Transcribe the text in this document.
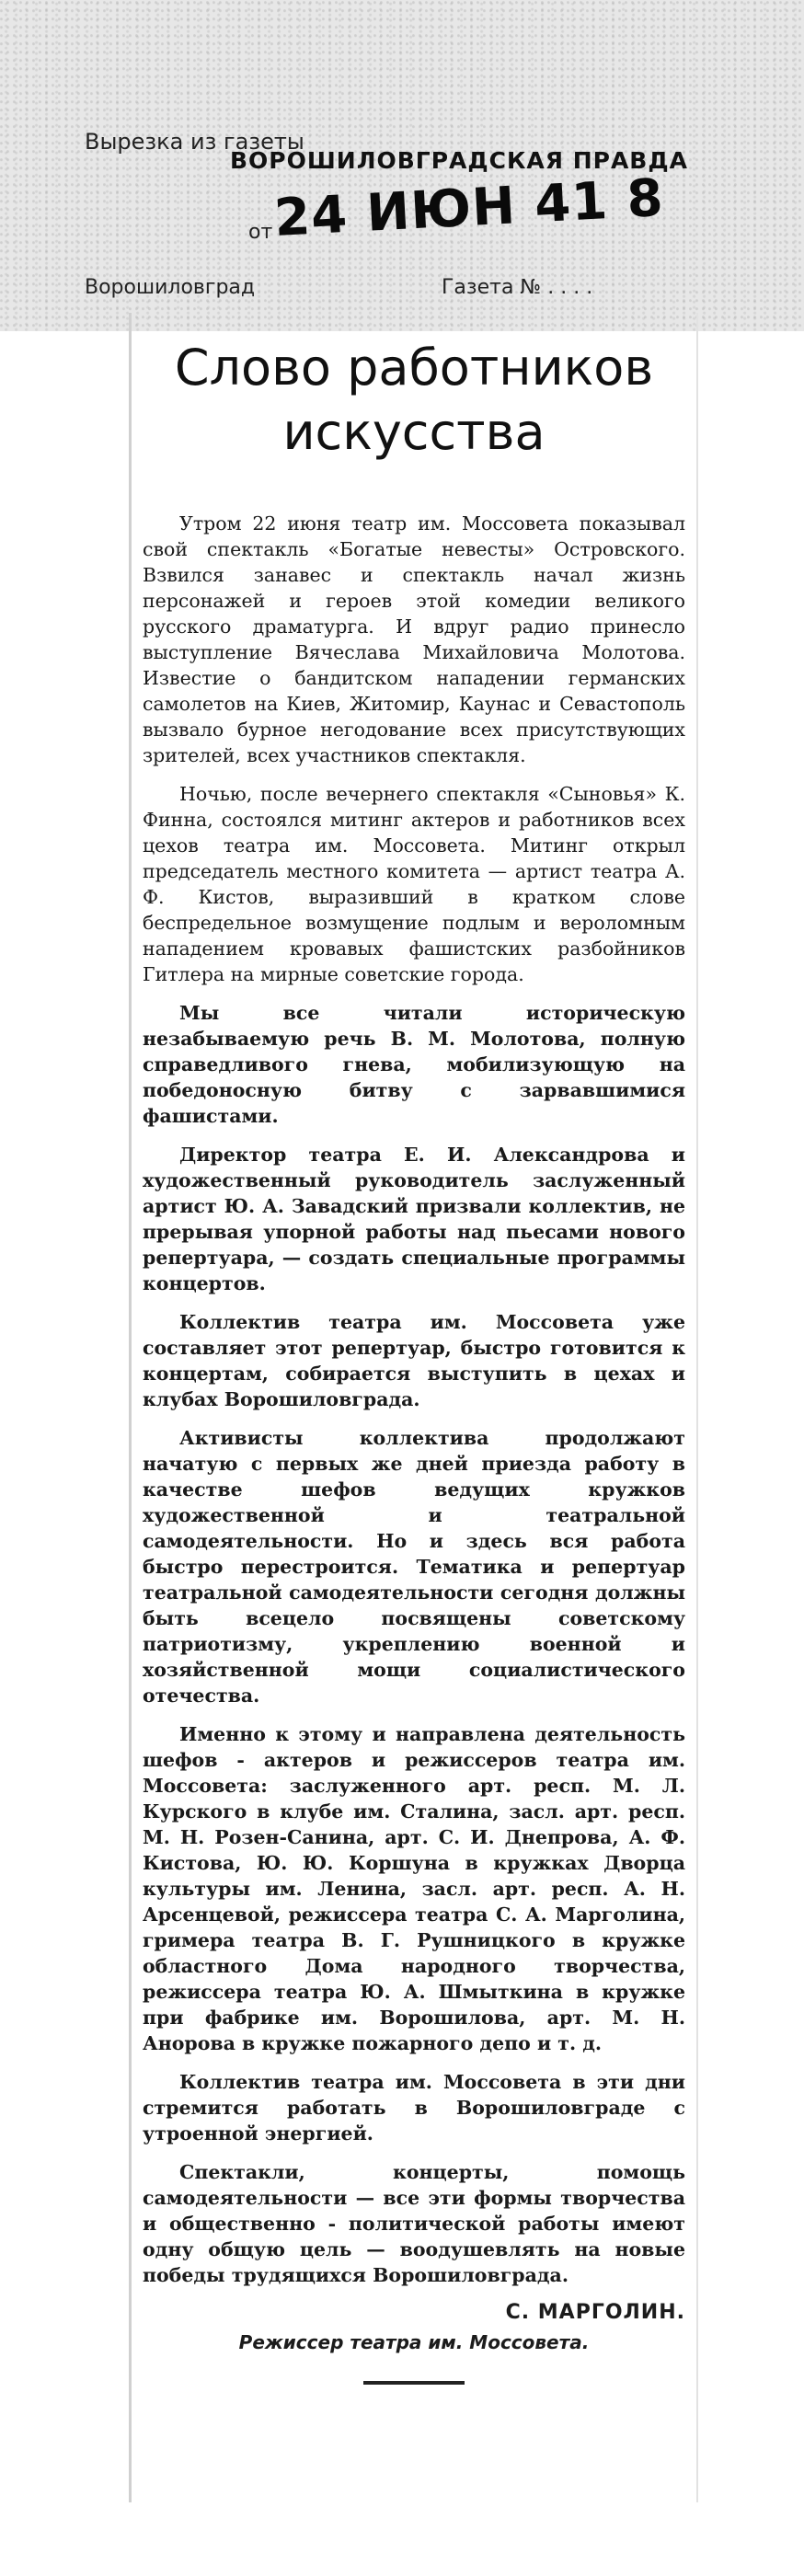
Вырезка из газеты
ВОРОШИЛОВГРАДСКАЯ ПРАВДА
от 24 ИЮН 41 8
Ворошиловград	Газета № . . . .
Слово работников
искусства

Утром 22 июня театр им. Моссовета показывал свой спектакль «Богатые невесты» Островского. Взвился занавес и спектакль начал жизнь персонажей и героев этой комедии великого русского драматурга. И вдруг радио принесло выступление Вячеслава Михайловича Молотова. Известие о бандитском нападении германских самолетов на Киев, Житомир, Каунас и Севастополь вызвало бурное негодование всех присутствующих зрителей, всех участников спектакля.

Ночью, после вечернего спектакля «Сыновья» К. Финна, состоялся митинг актеров и работников всех цехов театра им. Моссовета. Митинг открыл председатель местного комитета — артист театра А. Ф. Кистов, выразивший в кратком слове беспредельное возмущение подлым и вероломным нападением кровавых фашистских разбойников Гитлера на мирные советские города.

Мы все читали историческую незабываемую речь В. М. Молотова, полную справедливого гнева, мобилизующую на победоносную битву с зарвавшимися фашистами.

Директор театра Е. И. Александрова и художественный руководитель заслуженный артист Ю. А. Завадский призвали коллектив, не прерывая упорной работы над пьесами нового репертуара, — создать специальные программы концертов.

Коллектив театра им. Моссовета уже составляет этот репертуар, быстро готовится к концертам, собирается выступить в цехах и клубах Ворошиловграда.

Активисты коллектива продолжают начатую с первых же дней приезда работу в качестве шефов ведущих кружков художественной и театральной самодеятельности. Но и здесь вся работа быстро перестроится. Тематика и репертуар театральной самодеятельности сегодня должны быть всецело посвящены советскому патриотизму, укреплению военной и хозяйственной мощи социалистического отечества.

Именно к этому и направлена деятельность шефов - актеров и режиссеров театра им. Моссовета: заслуженного арт. респ. М. Л. Курского в клубе им. Сталина, засл. арт. респ. М. Н. Розен-Санина, арт. С. И. Днепрова, А. Ф. Кистова, Ю. Ю. Коршуна в кружках Дворца культуры им. Ленина, засл. арт. респ. А. Н. Арсенцевой, режиссера театра С. А. Марголина, гримера театра В. Г. Рушницкого в кружке областного Дома народного творчества, режиссера театра Ю. А. Шмыткина в кружке при фабрике им. Ворошилова, арт. М. Н. Анорова в кружке пожарного депо и т. д.

Коллектив театра им. Моссовета в эти дни стремится работать в Ворошиловграде с утроенной энергией.

Спектакли, концерты, помощь самодеятельности — все эти формы творчества и общественно - политической работы имеют одну общую цель — воодушевлять на новые победы трудящихся Ворошиловграда.

С. МАРГОЛИН.
Режиссер театра им. Моссовета.
